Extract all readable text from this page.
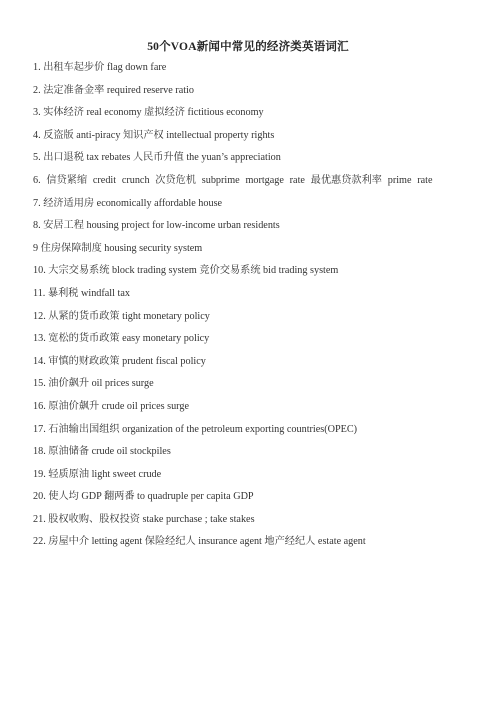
50个VOA新闻中常见的经济类英语词汇
1. 出租车起步价 flag down fare
2. 法定准备金率 required reserve ratio
3. 实体经济 real economy 虚拟经济 fictitious economy
4. 反盗版 anti-piracy 知识产权 intellectual property rights
5. 出口退税 tax rebates 人民币升值 the yuan’s appreciation
6. 信贷紧缩 credit crunch 次贷危机 subprime mortgage rate 最优惠贷款利率 prime rate
7. 经济适用房 economically affordable house
8. 安居工程 housing project for low-income urban residents
9 住房保障制度 housing security system
10. 大宗交易系统 block trading system 竞价交易系统 bid trading system
11. 暴利税 windfall tax
12. 从紧的货币政策 tight monetary policy
13. 宽松的货币政策 easy monetary policy
14. 审慎的财政政策 prudent fiscal policy
15. 油价飙升 oil prices surge
16. 原油价飙升 crude oil prices surge
17. 石油输出国组织 organization of the petroleum exporting countries(OPEC)
18. 原油储备 crude oil stockpiles
19. 轻质原油 light sweet crude
20. 使人均 GDP 翻两番 to quadruple per capita GDP
21. 股权收购、股权投资 stake purchase ; take stakes
22. 房屋中介 letting agent 保险经纪人 insurance agent 地产经纪人 estate agent
